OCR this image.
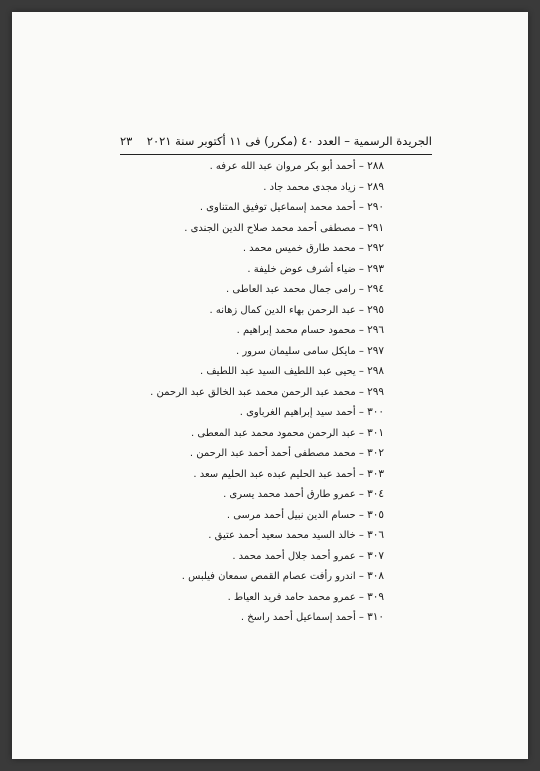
الجريدة الرسمية – العدد ٤٠ (مكرر) فى ١١ أكتوبر سنة ٢٠٢١
٢٣
٢٨٨ – أحمد أبو بكر مروان عبد الله عرفه .
٢٨٩ – زياد مجدى محمد جاد .
٢٩٠ – أحمد محمد إسماعيل توفيق المتناوى .
٢٩١ – مصطفى أحمد محمد صلاح الدين الجندى .
٢٩٢ – محمد طارق خميس محمد .
٢٩٣ – ضياء أشرف عوض خليفة .
٢٩٤ – رامى جمال محمد عبد العاطى .
٢٩٥ – عبد الرحمن بهاء الدين كمال زهانه .
٢٩٦ – محمود حسام محمد إبراهيم .
٢٩٧ – مايكل سامى سليمان سرور .
٢٩٨ – يحيى عبد اللطيف السيد عبد اللطيف .
٢٩٩ – محمد عبد الرحمن محمد عبد الخالق عبد الرحمن .
٣٠٠ – أحمد سيد إبراهيم الغرباوى .
٣٠١ – عبد الرحمن محمود محمد عبد المعطى .
٣٠٢ – محمد مصطفى أحمد أحمد عبد الرحمن .
٣٠٣ – أحمد عبد الحليم عبده عبد الحليم سعد .
٣٠٤ – عمرو طارق أحمد محمد يسرى .
٣٠٥ – حسام الدين نبيل أحمد مرسى .
٣٠٦ – خالد السيد محمد سعيد أحمد عتيق .
٣٠٧ – عمرو أحمد جلال أحمد محمد .
٣٠٨ – اندرو رأفت عصام القمص سمعان فيلبس .
٣٠٩ – عمرو محمد حامد فريد العياط .
٣١٠ – أحمد إسماعيل أحمد راسخ .
